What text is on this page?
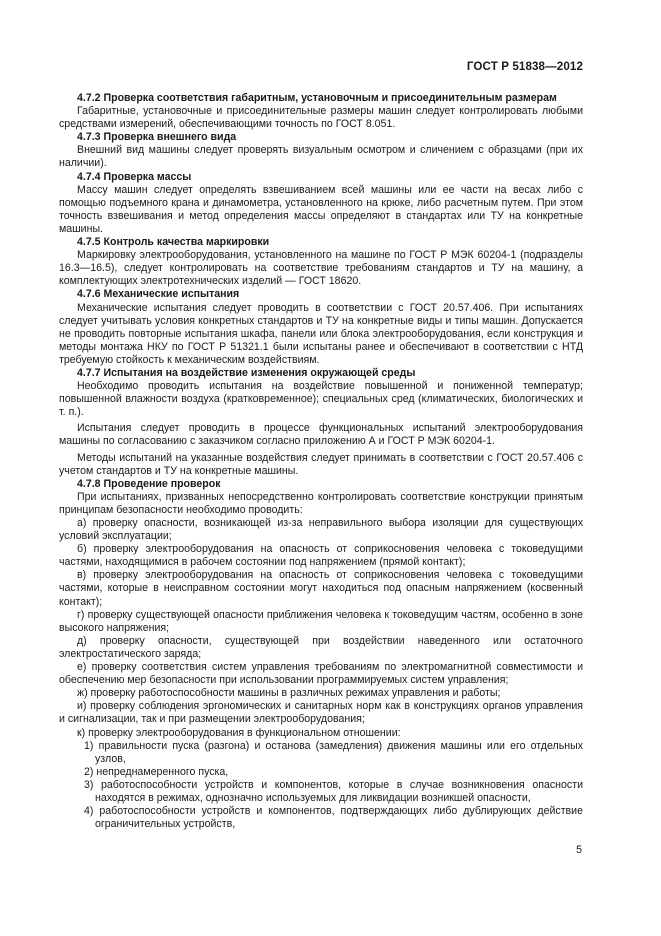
ГОСТ Р 51838—2012
4.7.2 Проверка соответствия габаритным, установочным и присоединительным размерам
Габаритные, установочные и присоединительные размеры машин следует контролировать любыми средствами измерений, обеспечивающими точность по ГОСТ 8.051.
4.7.3 Проверка внешнего вида
Внешний вид машины следует проверять визуальным осмотром и сличением с образцами (при их наличии).
4.7.4 Проверка массы
Массу машин следует определять взвешиванием всей машины или ее части на весах либо с помощью подъемного крана и динамометра, установленного на крюке, либо расчетным путем. При этом точность взвешивания и метод определения массы определяют в стандартах или ТУ на конкретные машины.
4.7.5 Контроль качества маркировки
Маркировку электрооборудования, установленного на машине по ГОСТ Р МЭК 60204-1 (подразделы 16.3—16.5), следует контролировать на соответствие требованиям стандартов и ТУ на машину, а комплектующих электротехнических изделий — ГОСТ 18620.
4.7.6 Механические испытания
Механические испытания следует проводить в соответствии с ГОСТ 20.57.406. При испытаниях следует учитывать условия конкретных стандартов и ТУ на конкретные виды и типы машин. Допускается не проводить повторные испытания шкафа, панели или блока электрооборудования, если конструкция и методы монтажа НКУ по ГОСТ Р 51321.1 были испытаны ранее и обеспечивают в соответствии с НТД требуемую стойкость к механическим воздействиям.
4.7.7 Испытания на воздействие изменения окружающей среды
Необходимо проводить испытания на воздействие повышенной и пониженной температур; повышенной влажности воздуха (кратковременное); специальных сред (климатических, биологических и т. п.).
Испытания следует проводить в процессе функциональных испытаний электрооборудования машины по согласованию с заказчиком согласно приложению А и ГОСТ Р МЭК 60204-1.
Методы испытаний на указанные воздействия следует принимать в соответствии с ГОСТ 20.57.406 с учетом стандартов и ТУ на конкретные машины.
4.7.8 Проведение проверок
При испытаниях, призванных непосредственно контролировать соответствие конструкции принятым принципам безопасности необходимо проводить:
а) проверку опасности, возникающей из-за неправильного выбора изоляции для существующих условий эксплуатации;
б) проверку электрооборудования на опасность от соприкосновения человека с токоведущими частями, находящимися в рабочем состоянии под напряжением (прямой контакт);
в) проверку электрооборудования на опасность от соприкосновения человека с токоведущими частями, которые в неисправном состоянии могут находиться под опасным напряжением (косвенный контакт);
г) проверку существующей опасности приближения человека к токоведущим частям, особенно в зоне высокого напряжения;
д) проверку опасности, существующей при воздействии наведенного или остаточного электростатического заряда;
е) проверку соответствия систем управления требованиям по электромагнитной совместимости и обеспечению мер безопасности при использовании программируемых систем управления;
ж) проверку работоспособности машины в различных режимах управления и работы;
и) проверку соблюдения эргономических и санитарных норм как в конструкциях органов управления и сигнализации, так и при размещении электрооборудования;
к) проверку электрооборудования в функциональном отношении:
1) правильности пуска (разгона) и останова (замедления) движения машины или его отдельных узлов,
2) непреднамеренного пуска,
3) работоспособности устройств и компонентов, которые в случае возникновения опасности находятся в режимах, однозначно используемых для ликвидации возникшей опасности,
4) работоспособности устройств и компонентов, подтверждающих либо дублирующих действие ограничительных устройств,
5
